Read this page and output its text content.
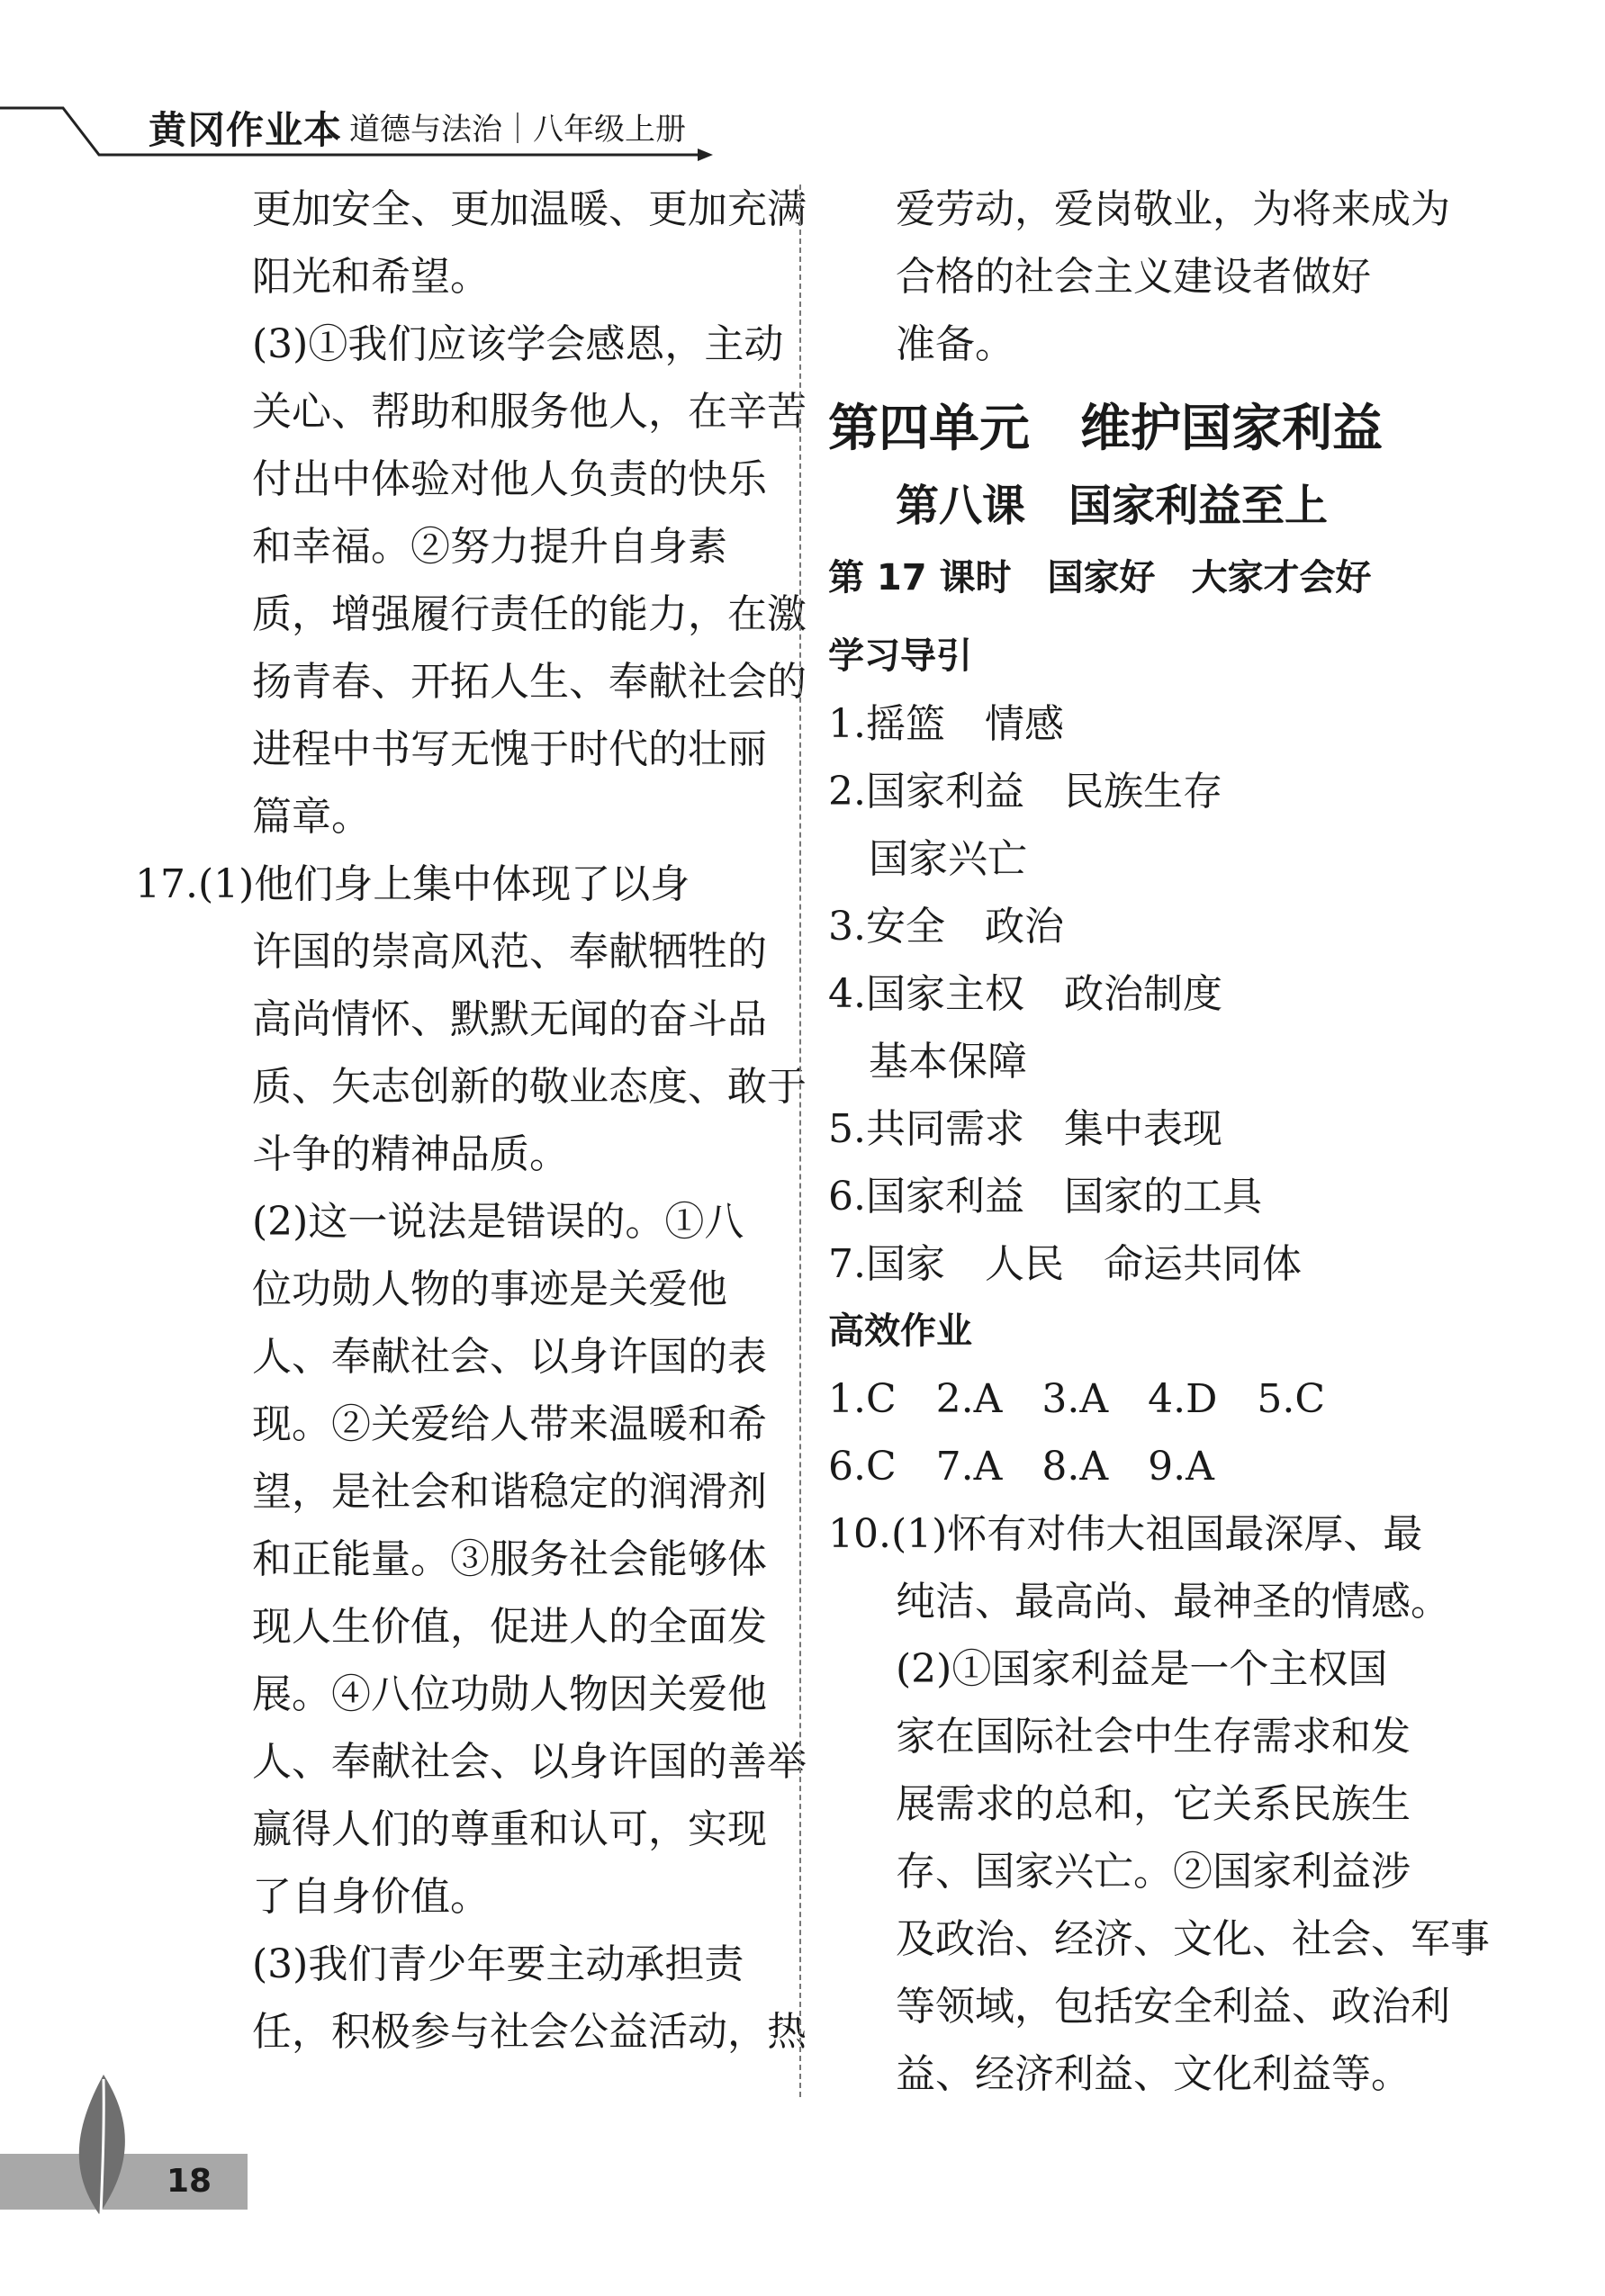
黄冈作业本 道德与法治｜八年级上册

更加安全、更加温暖、更加充满
阳光和希望。

(3)①我们应该学会感恩，主动
关心、帮助和服务他人，在辛苦
付出中体验对他人负责的快乐
和幸福。②努力提升自身素
质，增强履行责任的能力，在激
扬青春、开拓人生、奉献社会的
进程中书写无愧于时代的壮丽
篇章。

17.(1)他们身上集中体现了以身
许国的崇高风范、奉献牺牲的
高尚情怀、默默无闻的奋斗品
质、矢志创新的敬业态度、敢于
斗争的精神品质。

(2)这一说法是错误的。①八
位功勋人物的事迹是关爱他
人、奉献社会、以身许国的表
现。②关爱给人带来温暖和希
望，是社会和谐稳定的润滑剂
和正能量。③服务社会能够体
现人生价值，促进人的全面发
展。④八位功勋人物因关爱他
人、奉献社会、以身许国的善举
赢得人们的尊重和认可，实现
了自身价值。

(3)我们青少年要主动承担责
任，积极参与社会公益活动，热

爱劳动，爱岗敬业，为将来成为
合格的社会主义建设者做好
准备。

第四单元　维护国家利益
第八课　国家利益至上
第 17 课时　国家好　大家才会好
学习导引
1.摇篮　情感
2.国家利益　民族生存
国家兴亡
3.安全　政治
4.国家主权　政治制度
基本保障
5.共同需求　集中表现
6.国家利益　国家的工具
7.国家　人民　命运共同体
高效作业
1.C　2.A　3.A　4.D　5.C
6.C　7.A　8.A　9.A

10.(1)怀有对伟大祖国最深厚、最
纯洁、最高尚、最神圣的情感。

(2)①国家利益是一个主权国
家在国际社会中生存需求和发
展需求的总和，它关系民族生
存、国家兴亡。②国家利益涉
及政治、经济、文化、社会、军事
等领域，包括安全利益、政治利
益、经济利益、文化利益等。

18
